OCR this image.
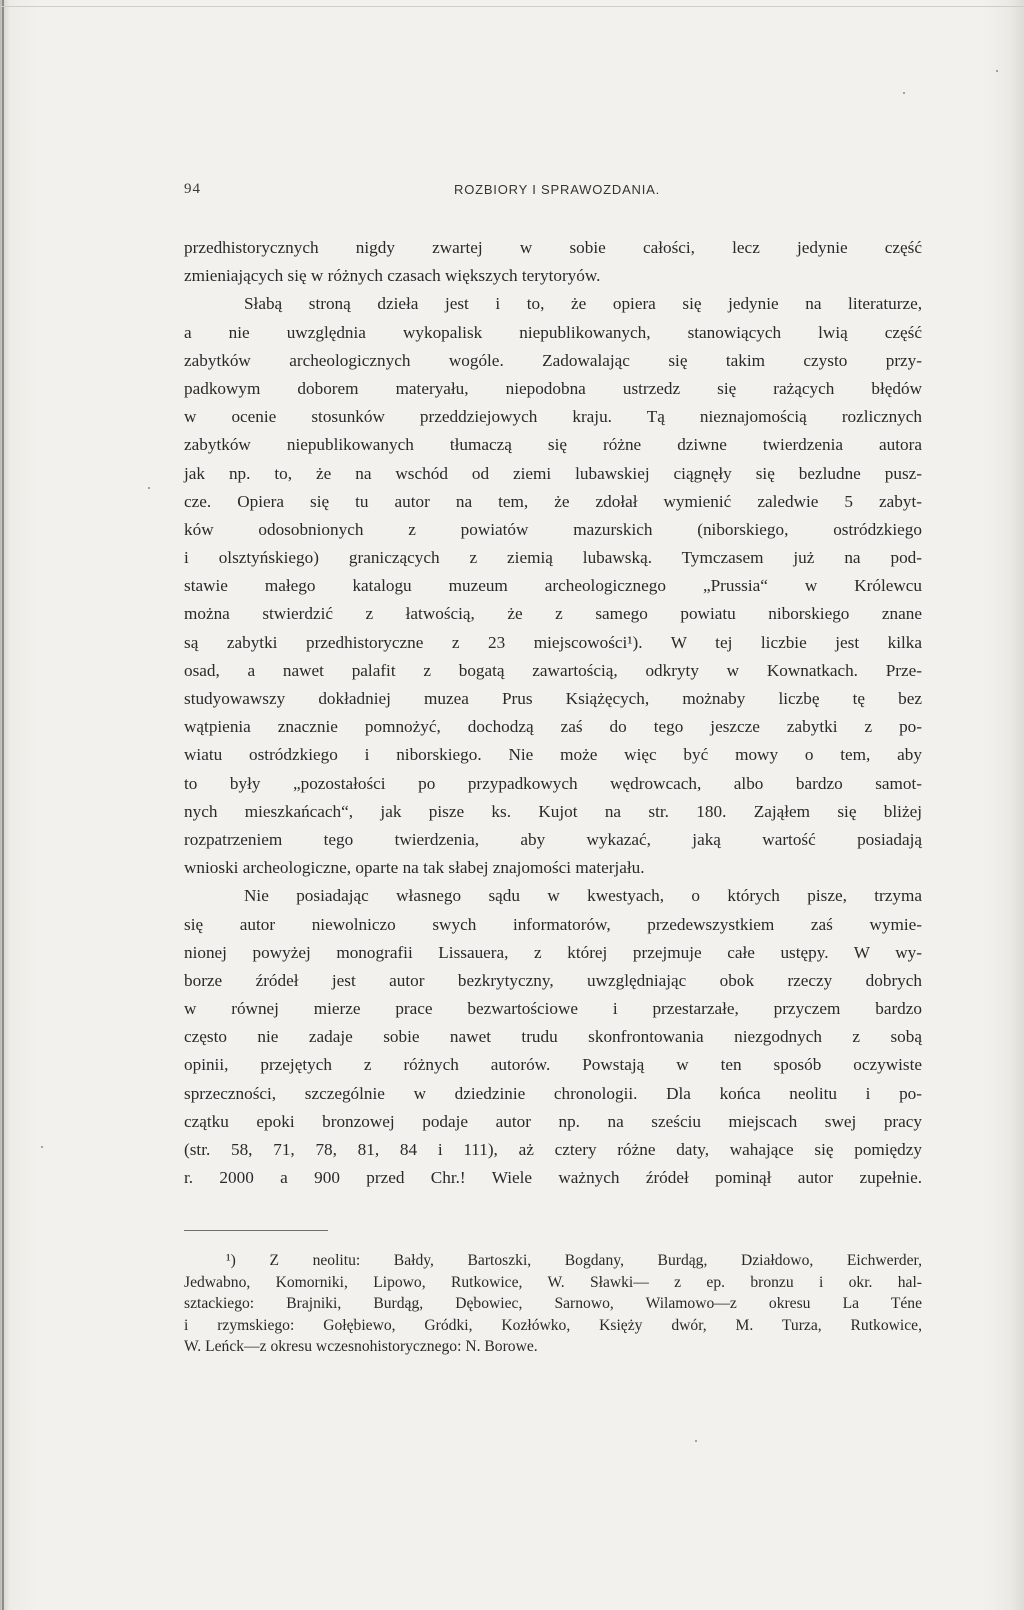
94	ROZBIORY I SPRAWOZDANIA.
przedhistorycznych nigdy zwartej w sobie całości, lecz jedynie część
zmieniających się w różnych czasach większych terytoryów.
Słabą stroną dzieła jest i to, że opiera się jedynie na literaturze,
a nie uwzględnia wykopalisk niepublikowanych, stanowiących lwią część
zabytków archeologicznych wogóle. Zadowalając się takim czysto przy-
padkowym doborem materyału, niepodobna ustrzedz się rażących błędów
w ocenie stosunków przeddziejowych kraju. Tą nieznajomością rozlicznych
zabytków niepublikowanych tłumaczą się różne dziwne twierdzenia autora
jak np. to, że na wschód od ziemi lubawskiej ciągnęły się bezludne pusz-
cze. Opiera się tu autor na tem, że zdołał wymienić zaledwie 5 zabyt-
ków odosobnionych z powiatów mazurskich (niborskiego, ostródzkiego
i olsztyńskiego) graniczących z ziemią lubawską. Tymczasem już na pod-
stawie małego katalogu muzeum archeologicznego „Prussia“ w Królewcu
można stwierdzić z łatwością, że z samego powiatu niborskiego znane
są zabytki przedhistoryczne z 23 miejscowości¹). W tej liczbie jest kilka
osad, a nawet palafit z bogatą zawartością, odkryty w Kownatkach. Prze-
studyowawszy dokładniej muzea Prus Książęcych, możnaby liczbę tę bez
wątpienia znacznie pomnożyć, dochodzą zaś do tego jeszcze zabytki z po-
wiatu ostródzkiego i niborskiego. Nie może więc być mowy o tem, aby
to były „pozostałości po przypadkowych wędrowcach, albo bardzo samot-
nych mieszkańcach“, jak pisze ks. Kujot na str. 180. Zająłem się bliżej
rozpatrzeniem tego twierdzenia, aby wykazać, jaką wartość posiadają
wnioski archeologiczne, oparte na tak słabej znajomości materjału.
Nie posiadając własnego sądu w kwestyach, o których pisze, trzyma
się autor niewolniczo swych informatorów, przedewszystkiem zaś wymie-
nionej powyżej monografii Lissauera, z której przejmuje całe ustępy. W wy-
borze źródeł jest autor bezkrytyczny, uwzględniając obok rzeczy dobrych
w równej mierze prace bezwartościowe i przestarzałe, przyczem bardzo
często nie zadaje sobie nawet trudu skonfrontowania niezgodnych z sobą
opinii, przejętych z różnych autorów. Powstają w ten sposób oczywiste
sprzeczności, szczególnie w dziedzinie chronologii. Dla końca neolitu i po-
czątku epoki bronzowej podaje autor np. na sześciu miejscach swej pracy
(str. 58, 71, 78, 81, 84 i 111), aż cztery różne daty, wahające się pomiędzy
r. 2000 a 900 przed Chr.! Wiele ważnych źródeł pominął autor zupełnie.
¹) Z neolitu: Bałdy, Bartoszki, Bogdany, Burdąg, Działdowo, Eichwerder,
Jedwabno, Komorniki, Lipowo, Rutkowice, W. Sławki— z ep. bronzu i okr. hal-
sztackiego: Brajniki, Burdąg, Dębowiec, Sarnowo, Wilamowo—z okresu La Téne
i rzymskiego: Gołębiewo, Gródki, Kozłówko, Księży dwór, M. Turza, Rutkowice,
W. Leńck—z okresu wczesnohistorycznego: N. Borowe.
